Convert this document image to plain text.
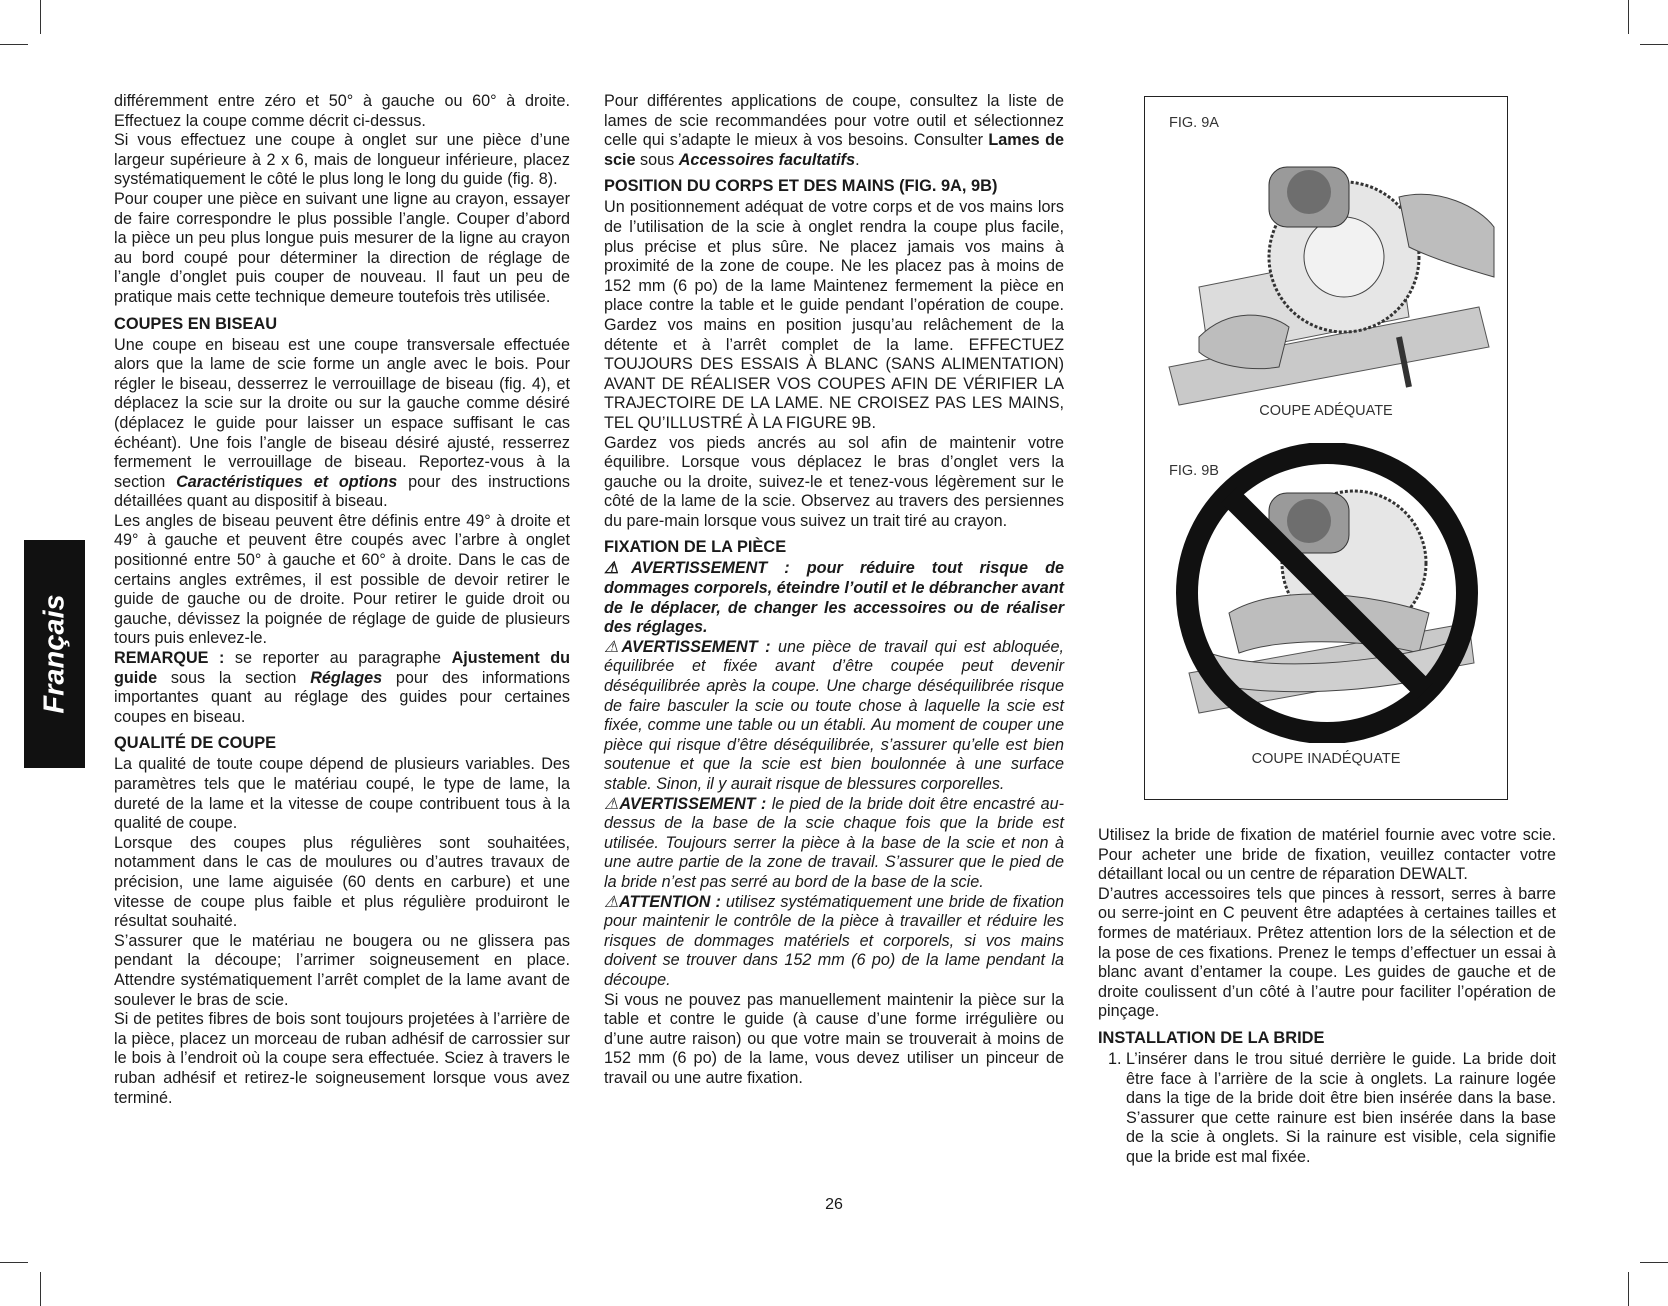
Français

différemment entre zéro et 50° à gauche ou 60° à droite. Effectuez la coupe comme décrit ci-dessus.

Si vous effectuez une coupe à onglet sur une pièce d’une largeur supérieure à 2 x 6, mais de longueur inférieure, placez systématiquement le côté le plus long le long du guide (fig. 8).

Pour couper une pièce en suivant une ligne au crayon, essayer de faire correspondre le plus possible l’angle. Couper d’abord la pièce un peu plus longue puis mesurer de la ligne au crayon au bord coupé pour déterminer la direction de réglage de l’angle d’onglet puis couper de nouveau. Il faut un peu de pratique mais cette technique demeure toutefois très utilisée.

COUPES EN BISEAU

Une coupe en biseau est une coupe transversale effectuée alors que la lame de scie forme un angle avec le bois. Pour régler le biseau, desserrez le verrouillage de biseau (fig. 4), et déplacez la scie sur la droite ou sur la gauche comme désiré (déplacez le guide pour laisser un espace suffisant le cas échéant). Une fois l’angle de biseau désiré ajusté, resserrez fermement le verrouillage de biseau. Reportez-vous à la section Caractéristiques et options pour des instructions détaillées quant au dispositif à biseau.

Les angles de biseau peuvent être définis entre 49° à droite et 49° à gauche et peuvent être coupés avec l’arbre à onglet positionné entre 50° à gauche et 60° à droite. Dans le cas de certains angles extrêmes, il est possible de devoir retirer le guide de gauche ou de droite. Pour retirer le guide droit ou gauche, dévissez la poignée de réglage de guide de plusieurs tours puis enlevez-le.

REMARQUE : se reporter au paragraphe Ajustement du guide sous la section Réglages pour des informations importantes quant au réglage des guides pour certaines coupes en biseau.

QUALITÉ DE COUPE

La qualité de toute coupe dépend de plusieurs variables. Des paramètres tels que le matériau coupé, le type de lame, la dureté de la lame et la vitesse de coupe contribuent tous à la qualité de coupe.

Lorsque des coupes plus régulières sont souhaitées, notamment dans le cas de moulures ou d’autres travaux de précision, une lame aiguisée (60 dents en carbure) et une vitesse de coupe plus faible et plus régulière produiront le résultat souhaité.

S’assurer que le matériau ne bougera ou ne glissera pas pendant la découpe; l’arrimer soigneusement en place. Attendre systématiquement l’arrêt complet de la lame avant de soulever le bras de scie.

Si de petites fibres de bois sont toujours projetées à l’arrière de la pièce, placez un morceau de ruban adhésif de carrossier sur le bois à l’endroit où la coupe sera effectuée. Sciez à travers le ruban adhésif et retirez-le soigneusement lorsque vous avez terminé.

Pour différentes applications de coupe, consultez la liste de lames de scie recommandées pour votre outil et sélectionnez celle qui s’adapte le mieux à vos besoins. Consulter Lames de scie sous Accessoires facultatifs.

POSITION DU CORPS ET DES MAINS (FIG. 9A, 9B)

Un positionnement adéquat de votre corps et de vos mains lors de l’utilisation de la scie à onglet rendra la coupe plus facile, plus précise et plus sûre. Ne placez jamais vos mains à proximité de la zone de coupe. Ne les placez pas à moins de 152 mm (6 po) de la lame Maintenez fermement la pièce en place contre la table et le guide pendant l’opération de coupe. Gardez vos mains en position jusqu’au relâchement de la détente et à l’arrêt complet de la lame. EFFECTUEZ TOUJOURS DES ESSAIS À BLANC (SANS ALIMENTATION) AVANT DE RÉALISER VOS COUPES AFIN DE VÉRIFIER LA TRAJECTOIRE DE LA LAME. NE CROISEZ PAS LES MAINS, TEL QU’ILLUSTRÉ À LA FIGURE 9B.

Gardez vos pieds ancrés au sol afin de maintenir votre équilibre. Lorsque vous déplacez le bras d’onglet vers la gauche ou la droite, suivez-le et tenez-vous légèrement sur le côté de la lame de la scie. Observez au travers des persiennes du pare-main lorsque vous suivez un trait tiré au crayon.

FIXATION DE LA PIÈCE

⚠AVERTISSEMENT : pour réduire tout risque de dommages corporels, éteindre l’outil et le débrancher avant de le déplacer, de changer les accessoires ou de réaliser des réglages.

⚠AVERTISSEMENT : une pièce de travail qui est abloquée, équilibrée et fixée avant d’être coupée peut devenir déséquilibrée après la coupe. Une charge déséquilibrée risque de faire basculer la scie ou toute chose à laquelle la scie est fixée, comme une table ou un établi. Au moment de couper une pièce qui risque d’être déséquilibrée, s’assurer qu’elle est bien soutenue et que la scie est bien boulonnée à une surface stable. Sinon, il y aurait risque de blessures corporelles.

⚠AVERTISSEMENT : le pied de la bride doit être encastré au-dessus de la base de la scie chaque fois que la bride est utilisée. Toujours serrer la pièce à la base de la scie et non à une autre partie de la zone de travail. S’assurer que le pied de la bride n’est pas serré au bord de la base de la scie.

⚠ATTENTION : utilisez systématiquement une bride de fixation pour maintenir le contrôle de la pièce à travailler et réduire les risques de dommages matériels et corporels, si vos mains doivent se trouver dans 152 mm (6 po) de la lame pendant la découpe.

Si vous ne pouvez pas manuellement maintenir la pièce sur la table et contre le guide (à cause d’une forme irrégulière ou d’une autre raison) ou que votre main se trouverait à moins de 152 mm (6 po) de la lame, vous devez utiliser un pinceur de travail ou une autre fixation.

FIG. 9A
COUPE ADÉQUATE
FIG. 9B
COUPE INADÉQUATE

Utilisez la bride de fixation de matériel fournie avec votre scie. Pour acheter une bride de fixation, veuillez contacter votre détaillant local ou un centre de réparation DEWALT.

D’autres accessoires tels que pinces à ressort, serres à barre ou serre-joint en C peuvent être adaptées à certaines tailles et formes de matériaux. Prêtez attention lors de la sélection et de la pose de ces fixations. Prenez le temps d’effectuer un essai à blanc avant d’entamer la coupe. Les guides de gauche et de droite coulissent d’un côté à l’autre pour faciliter l’opération de pinçage.

INSTALLATION DE LA BRIDE
1. L’insérer dans le trou situé derrière le guide. La bride doit être face à l’arrière de la scie à onglets. La rainure logée dans la tige de la bride doit être bien insérée dans la base. S’assurer que cette rainure est bien insérée dans la base de la scie à onglets. Si la rainure est visible, cela signifie que la bride est mal fixée.
26
